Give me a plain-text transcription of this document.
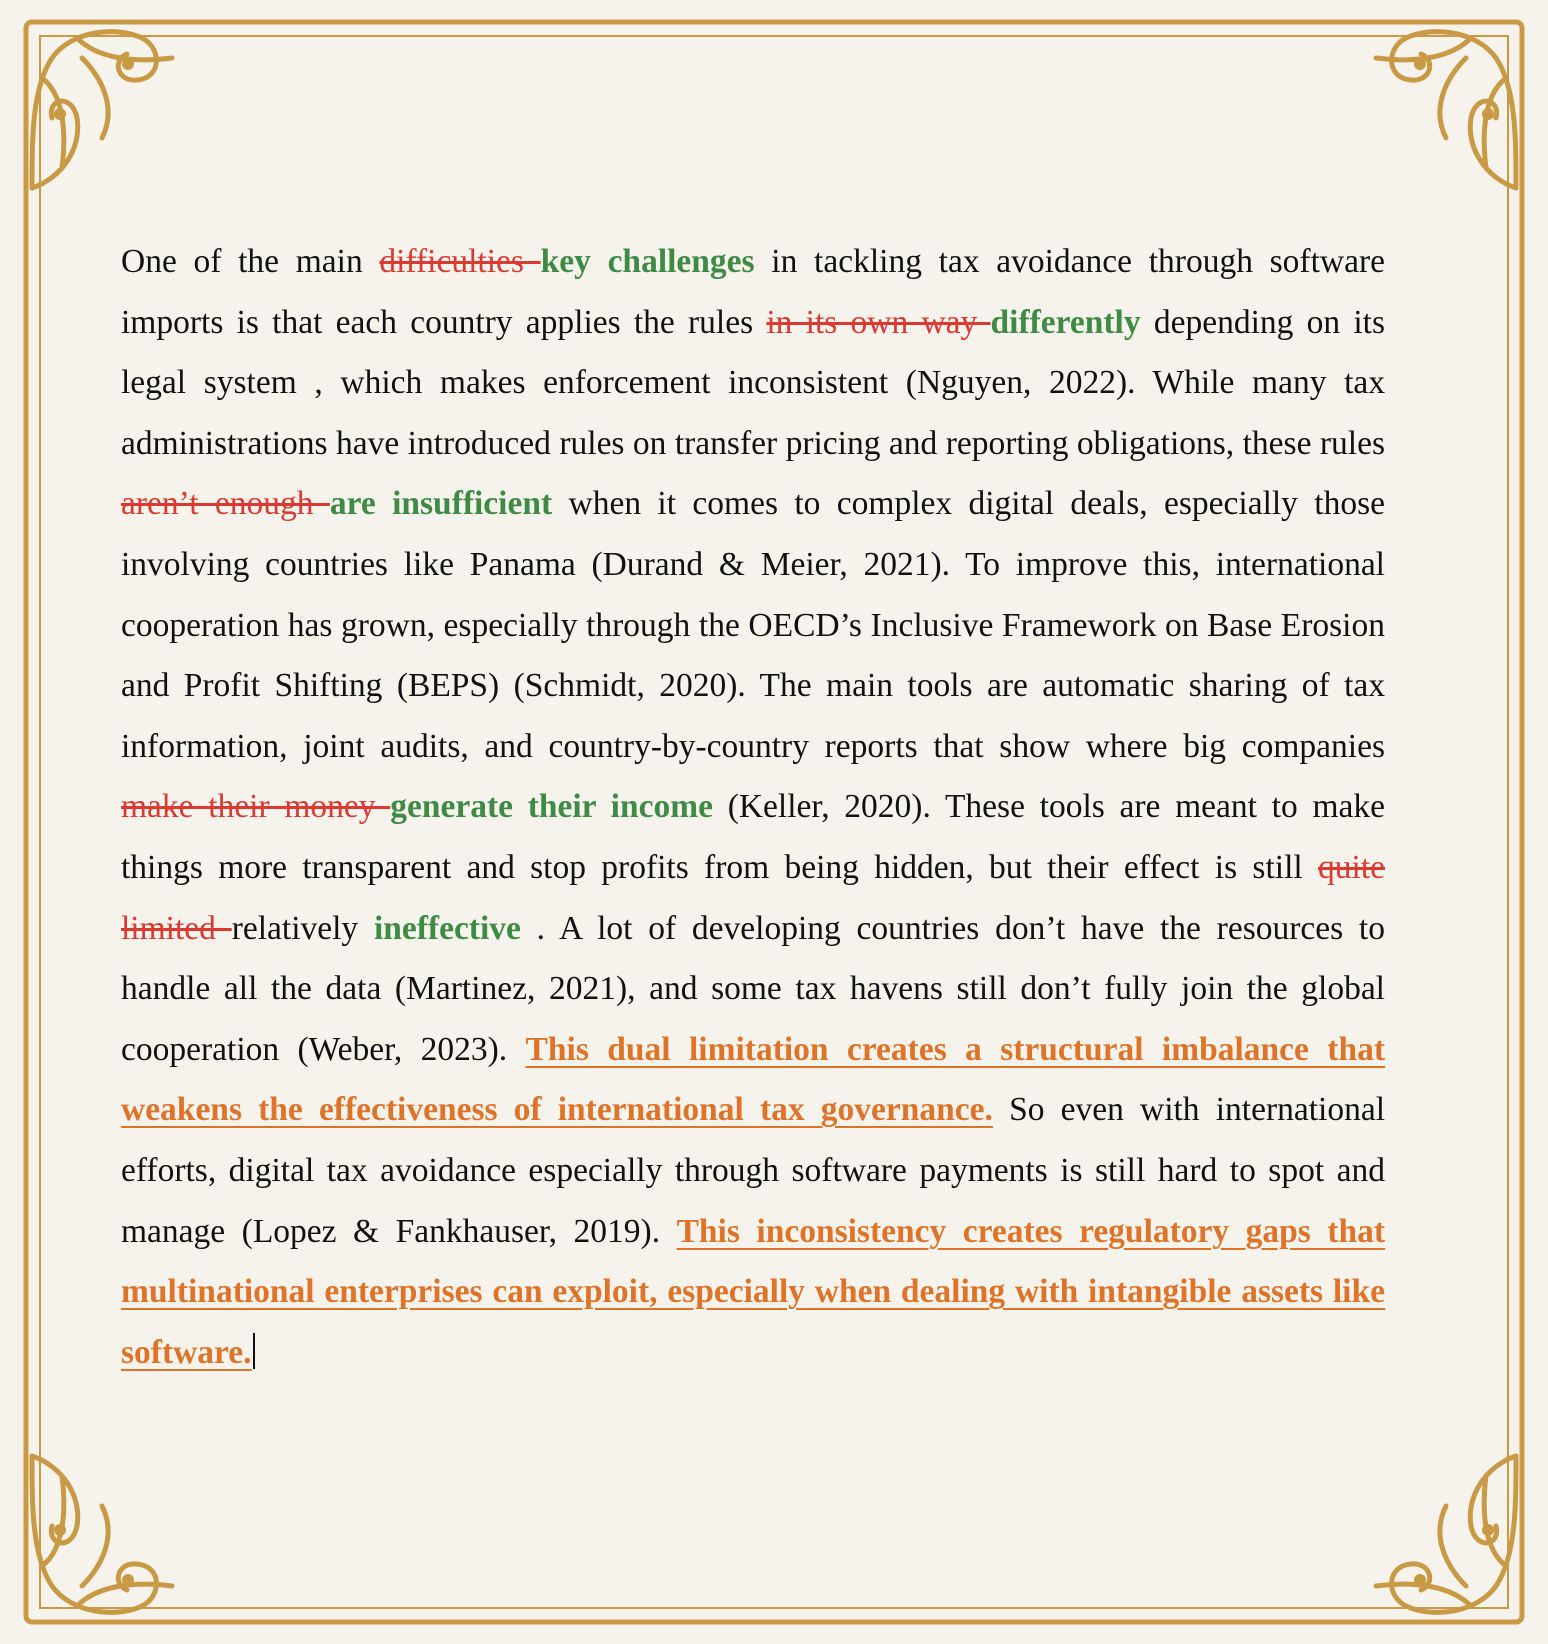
One of the main difficulties key challenges in tackling tax avoidance through software imports is that each country applies the rules in its own way differently depending on its legal system , which makes enforcement inconsistent (Nguyen, 2022). While many tax administrations have introduced rules on transfer pricing and reporting obligations, these rules aren’t enough are insufficient when it comes to complex digital deals, especially those involving countries like Panama (Durand & Meier, 2021). To improve this, international cooperation has grown, especially through the OECD’s Inclusive Framework on Base Erosion and Profit Shifting (BEPS) (Schmidt, 2020). The main tools are automatic sharing of tax information, joint audits, and country-by-country reports that show where big companies make their money generate their income (Keller, 2020). These tools are meant to make things more transparent and stop profits from being hidden, but their effect is still quite limited relatively ineffective . A lot of developing countries don’t have the resources to handle all the data (Martinez, 2021), and some tax havens still don’t fully join the global cooperation (Weber, 2023). This dual limitation creates a structural imbalance that weakens the effectiveness of international tax governance. So even with international efforts, digital tax avoidance especially through software payments is still hard to spot and manage (Lopez & Fankhauser, 2019). This inconsistency creates regulatory gaps that multinational enterprises can exploit, especially when dealing with intangible assets like software.
